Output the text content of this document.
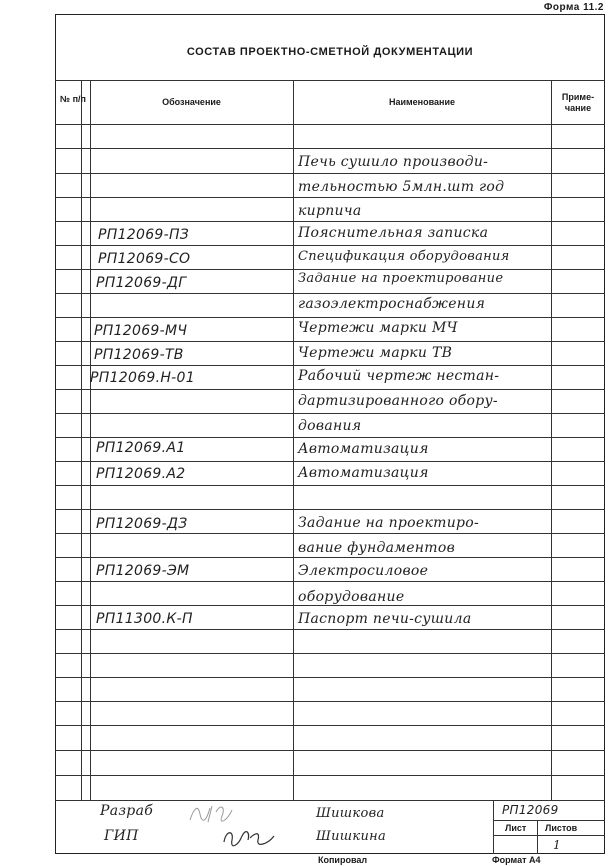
Форма 11.2
СОСТАВ ПРОЕКТНО-СМЕТНОЙ ДОКУМЕНТАЦИИ
№ п/п	Обозначение	Наименование	Приме- чание
Печь сушило производи-
тельностью 5млн.шт год
кирпича
РП12069-ПЗ	Пояснительная записка
РП12069-СО	Спецификация оборудования
РП12069-ДГ	Задание на проектирование
газоэлектроснабжения
РП12069-МЧ	Чертежи марки МЧ
РП12069-ТВ	Чертежи марки ТВ
РП12069.Н-01	Рабочий чертеж нестан-
дартизированного обору-
дования
РП12069.А1	Автоматизация
РП12069.А2	Автоматизация
РП12069-ДЗ	Задание на проектиро-
вание фундаментов
РП12069-ЭМ	Электросиловое
оборудование
РП11300.К-П	Паспорт печи-сушила
Разраб
ГИП
Шишкова
Шишкина
РП12069
Лист Листов
1
Копировал	Формат А4
